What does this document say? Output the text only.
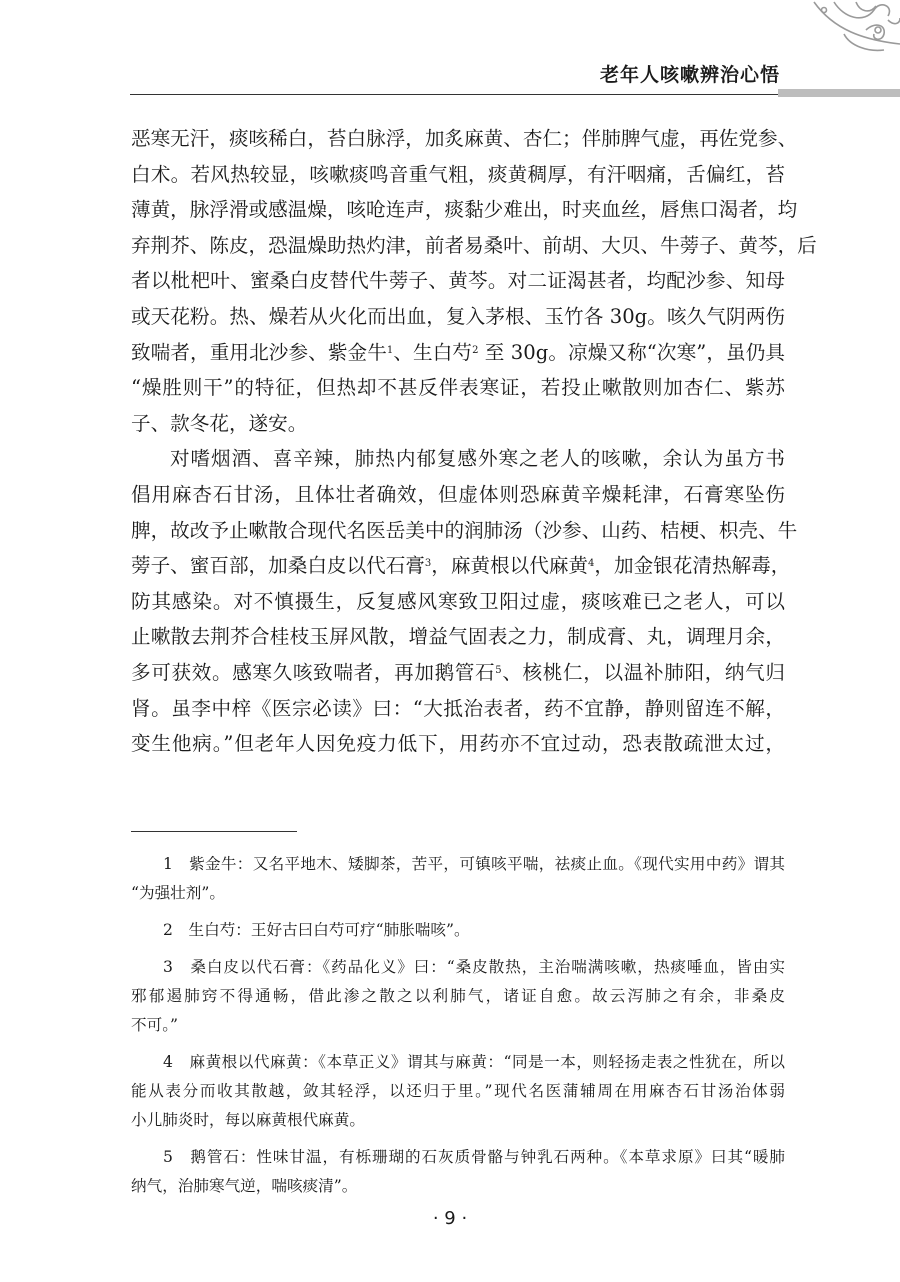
老年人咳嗽辨治心悟
恶寒无汗，痰咳稀白，苔白脉浮，加炙麻黄、杏仁；伴肺脾气虚，再佐党参、
白术。若风热较显，咳嗽痰鸣音重气粗，痰黄稠厚，有汗咽痛，舌偏红，苔
薄黄，脉浮滑或感温燥，咳呛连声，痰黏少难出，时夹血丝，唇焦口渴者，均
弃荆芥、陈皮，恐温燥助热灼津，前者易桑叶、前胡、大贝、牛蒡子、黄芩，后
者以枇杷叶、蜜桑白皮替代牛蒡子、黄芩。对二证渴甚者，均配沙参、知母
或天花粉。热、燥若从火化而出血，复入茅根、玉竹各 30g。咳久气阴两伤
致喘者，重用北沙参、紫金牛$^1$、生白芍$^2$ 至 30g。凉燥又称“次寒”，虽仍具
“燥胜则干”的特征，但热却不甚反伴表寒证，若投止嗽散则加杏仁、紫苏
子、款冬花，遂安。
对嗜烟酒、喜辛辣，肺热内郁复感外寒之老人的咳嗽，余认为虽方书
倡用麻杏石甘汤，且体壮者确效，但虚体则恐麻黄辛燥耗津，石膏寒坠伤
脾，故改予止嗽散合现代名医岳美中的润肺汤（沙参、山药、桔梗、枳壳、牛
蒡子、蜜百部，加桑白皮以代石膏$^3$，麻黄根以代麻黄$^4$，加金银花清热解毒，
防其感染。对不慎摄生，反复感风寒致卫阳过虚，痰咳难已之老人，可以
止嗽散去荆芥合桂枝玉屏风散，增益气固表之力，制成膏、丸，调理月余，
多可获效。感寒久咳致喘者，再加鹅管石$^5$、核桃仁，以温补肺阳，纳气归
肾。虽李中梓《医宗必读》曰：“大抵治表者，药不宜静，静则留连不解，
变生他病。”但老年人因免疫力低下，用药亦不宜过动，恐表散疏泄太过，
1　紫金牛：又名平地木、矮脚茶，苦平，可镇咳平喘，祛痰止血。《现代实用中药》谓其
“为强壮剂”。
2　生白芍：王好古曰白芍可疗“肺胀喘咳”。
3　桑白皮以代石膏：《药品化义》曰：“桑皮散热，主治喘满咳嗽，热痰唾血，皆由实
邪郁遏肺窍不得通畅，借此渗之散之以利肺气，诸证自愈。故云泻肺之有余，非桑皮
不可。”
4　麻黄根以代麻黄：《本草正义》谓其与麻黄：“同是一本，则轻扬走表之性犹在，所以
能从表分而收其散越，敛其轻浮，以还归于里。”现代名医蒲辅周在用麻杏石甘汤治体弱
小儿肺炎时，每以麻黄根代麻黄。
5　鹅管石：性味甘温，有栎珊瑚的石灰质骨骼与钟乳石两种。《本草求原》曰其“暖肺
纳气，治肺寒气逆，喘咳痰清”。
· 9 ·
